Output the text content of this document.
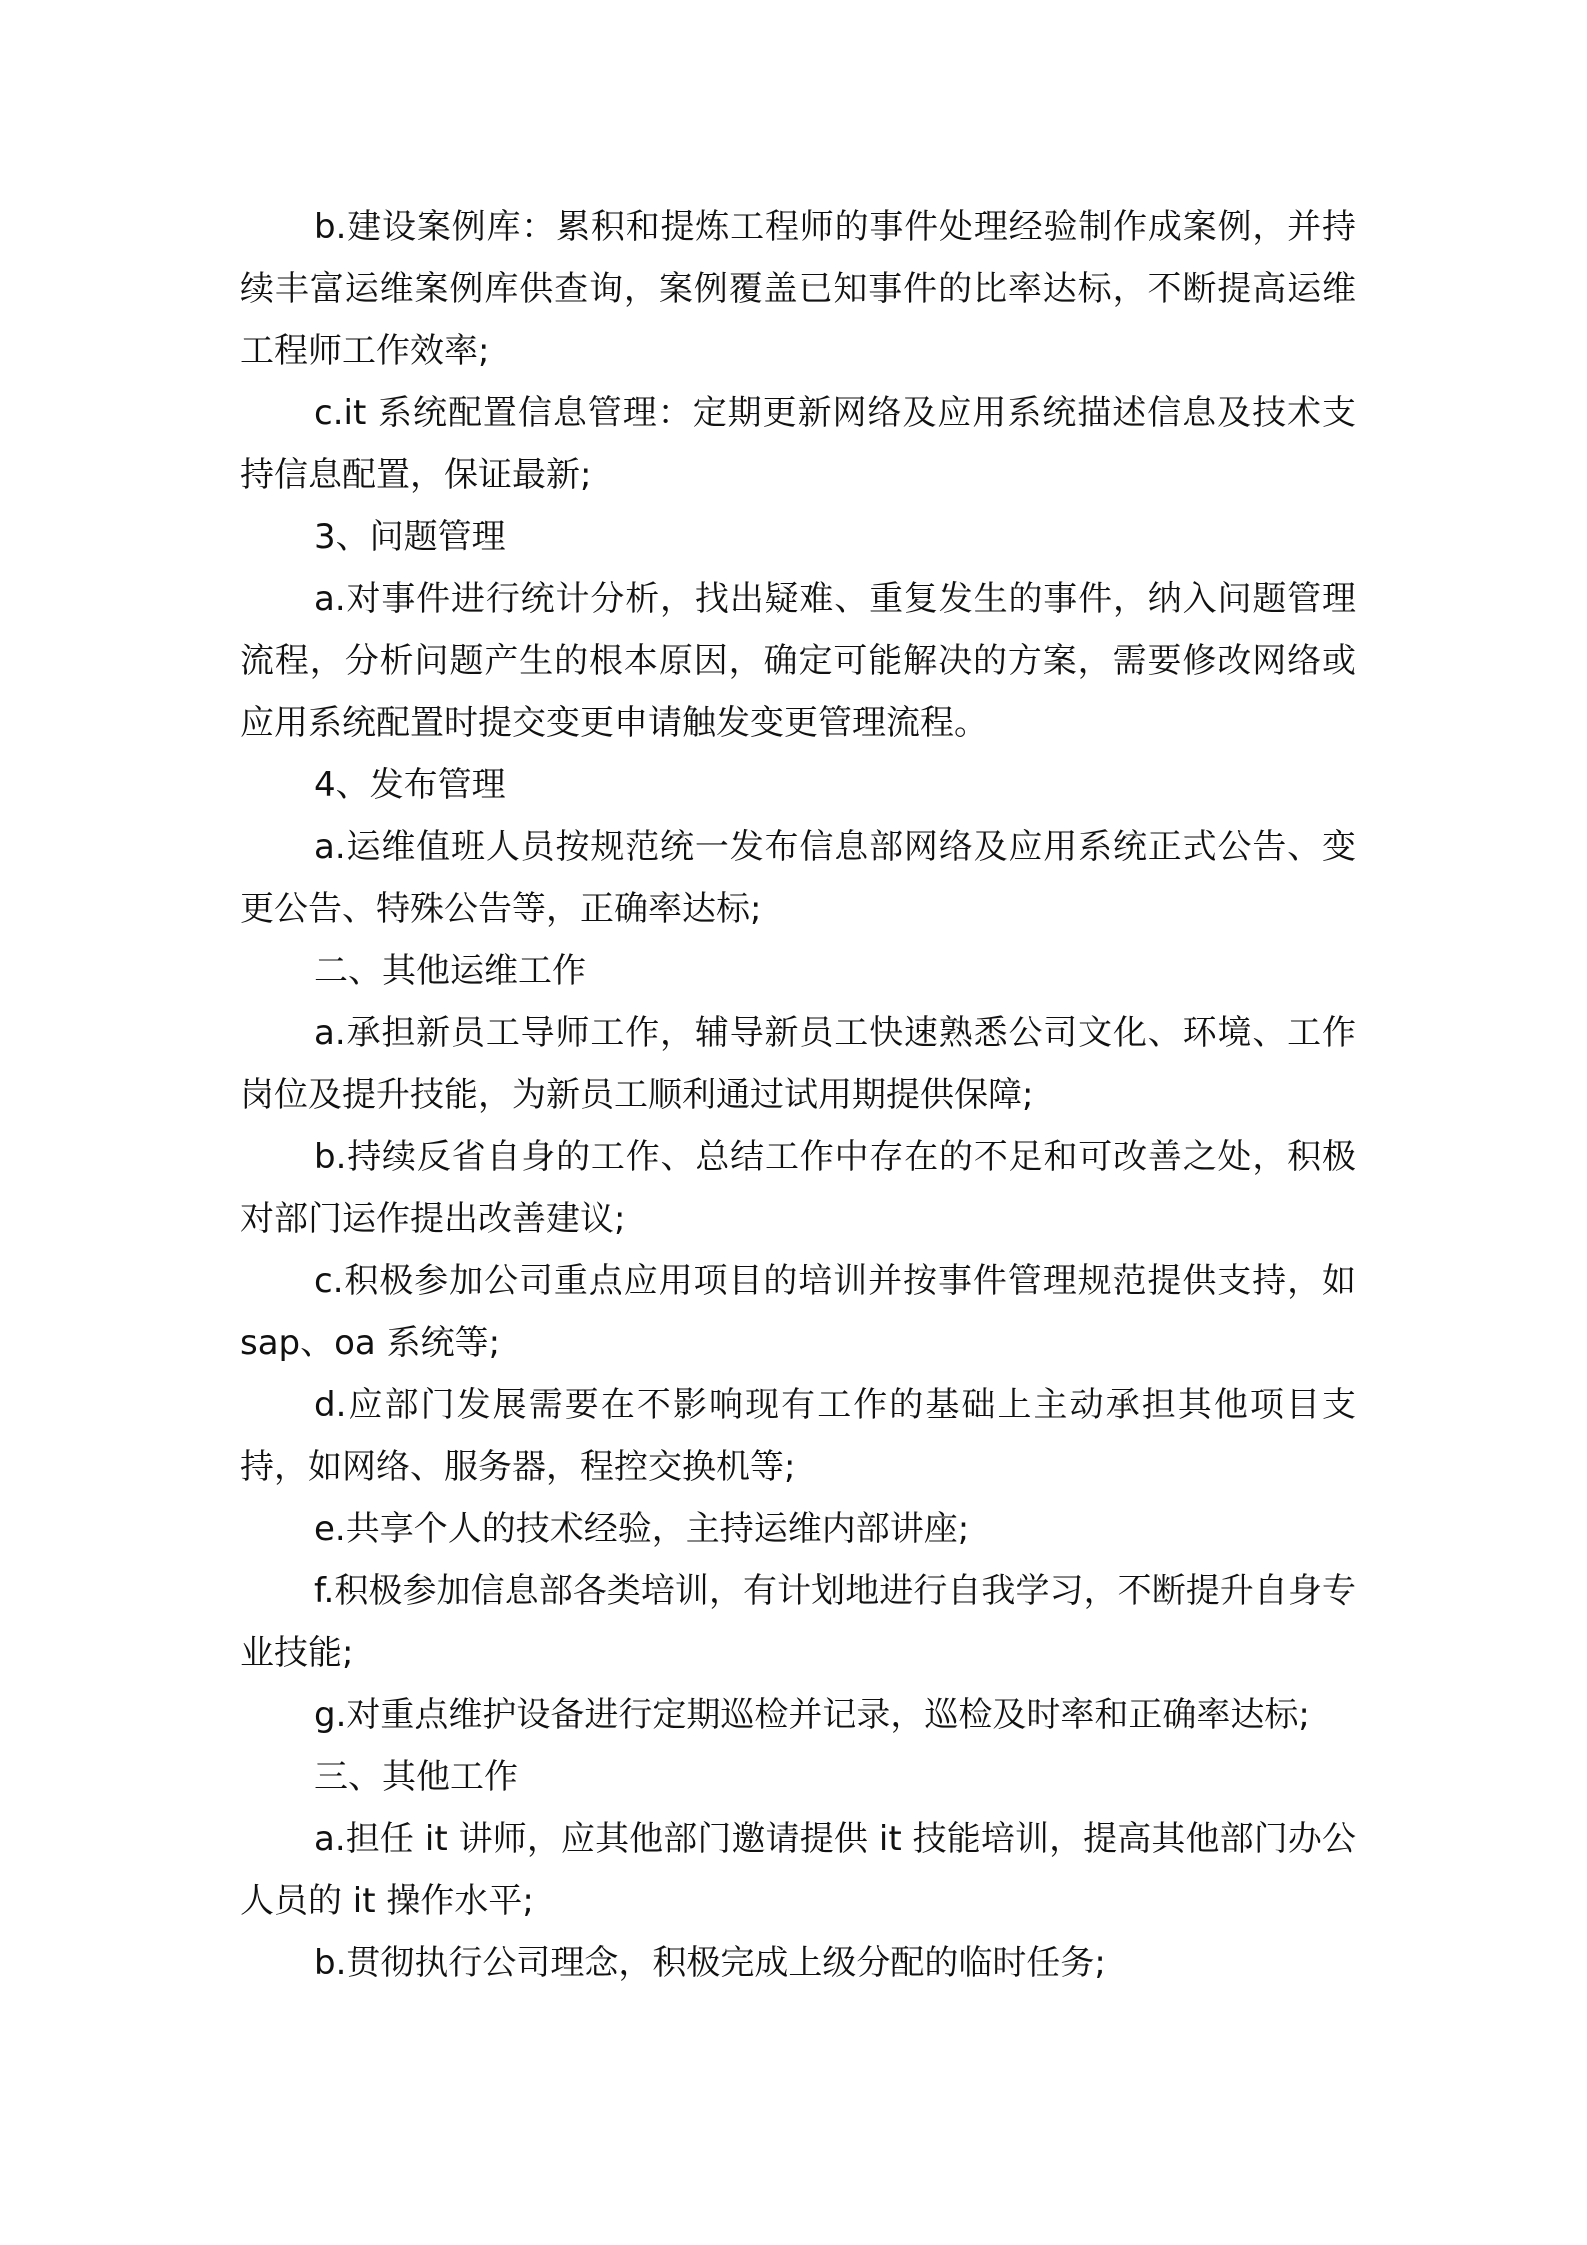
b.建设案例库：累积和提炼工程师的事件处理经验制作成案例，并持续丰富运维案例库供查询，案例覆盖已知事件的比率达标，不断提高运维工程师工作效率;

c.it 系统配置信息管理：定期更新网络及应用系统描述信息及技术支持信息配置，保证最新;

3、问题管理

a.对事件进行统计分析，找出疑难、重复发生的事件，纳入问题管理流程，分析问题产生的根本原因，确定可能解决的方案，需要修改网络或应用系统配置时提交变更申请触发变更管理流程。

4、发布管理

a.运维值班人员按规范统一发布信息部网络及应用系统正式公告、变更公告、特殊公告等，正确率达标;

二、其他运维工作

a.承担新员工导师工作，辅导新员工快速熟悉公司文化、环境、工作岗位及提升技能，为新员工顺利通过试用期提供保障;

b.持续反省自身的工作、总结工作中存在的不足和可改善之处，积极对部门运作提出改善建议;

c.积极参加公司重点应用项目的培训并按事件管理规范提供支持，如 sap、oa 系统等;

d.应部门发展需要在不影响现有工作的基础上主动承担其他项目支持，如网络、服务器，程控交换机等;

e.共享个人的技术经验，主持运维内部讲座;

f.积极参加信息部各类培训，有计划地进行自我学习，不断提升自身专业技能;

g.对重点维护设备进行定期巡检并记录，巡检及时率和正确率达标;

三、其他工作

a.担任 it 讲师，应其他部门邀请提供 it 技能培训，提高其他部门办公人员的 it 操作水平;

b.贯彻执行公司理念，积极完成上级分配的临时任务;
